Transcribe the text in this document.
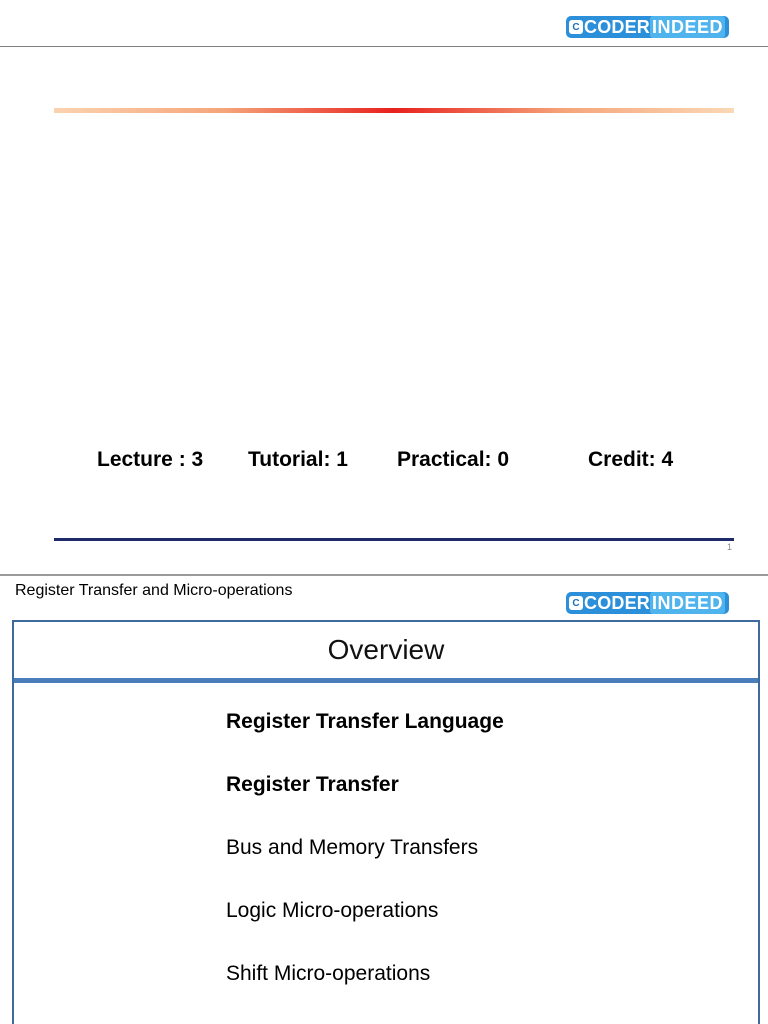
C CODER INDEED
Lecture : 3 Tutorial: 1 Practical: 0	Credit: 4
1
Register Transfer and Micro-operations
C CODER INDEED
Overview
Register Transfer Language
Register Transfer
Bus and Memory Transfers
Logic Micro-operations
Shift Micro-operations
